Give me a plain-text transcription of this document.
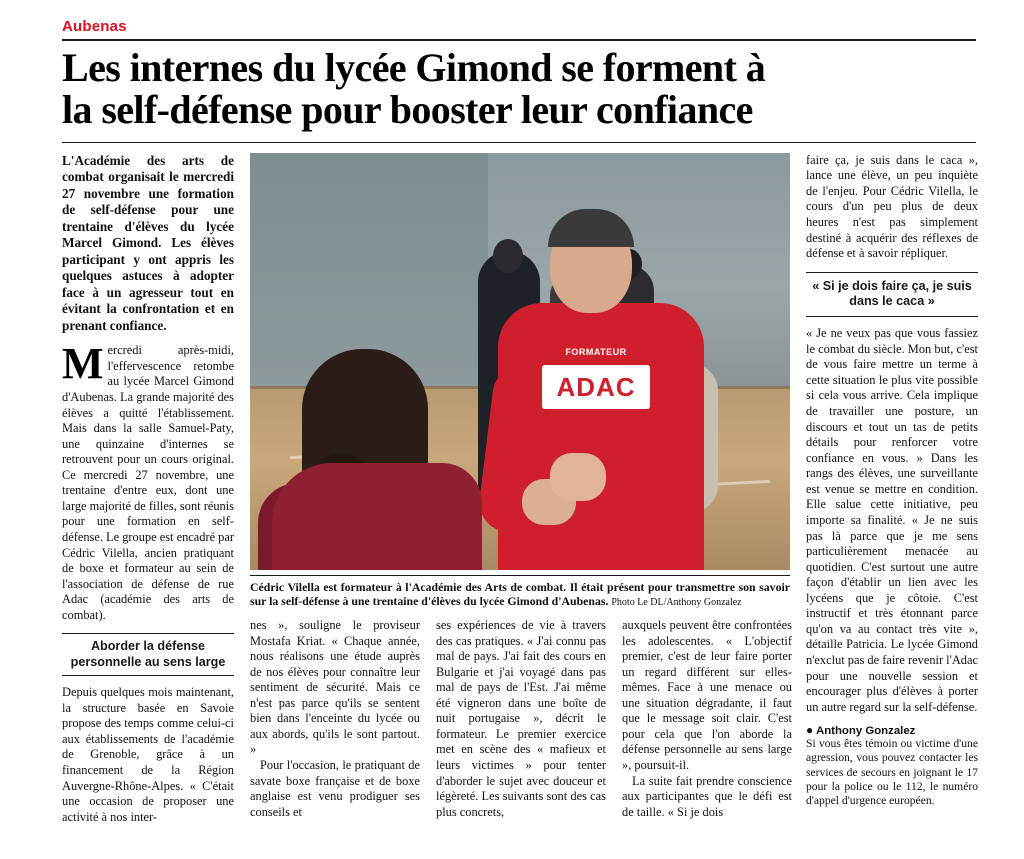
Aubenas
Les internes du lycée Gimond se forment à
la self-défense pour booster leur confiance

L'Académie des arts de combat organisait le mercredi 27 novembre une formation de self-défense pour une trentaine d'élèves du lycée Marcel Gimond. Les élèves participant y ont appris les quelques astuces à adopter face à un agresseur tout en évitant la confrontation et en prenant confiance.

Mercredi après-midi, l'effervescence retombe au lycée Marcel Gimond d'Aubenas. La grande majorité des élèves a quitté l'établissement. Mais dans la salle Samuel-Paty, une quinzaine d'internes se retrouvent pour un cours original. Ce mercredi 27 novembre, une trentaine d'entre eux, dont une large majorité de filles, sont réunis pour une formation en self-défense. Le groupe est encadré par Cédric Vilella, ancien pratiquant de boxe et formateur au sein de l'association de défense de rue Adac (académie des arts de combat).

Aborder la défense personnelle au sens large

Depuis quelques mois maintenant, la structure basée en Savoie propose des temps comme celui-ci aux établissements de l'académie de Grenoble, grâce à un financement de la Région Auvergne-Rhône-Alpes. « C'était une occasion de proposer une activité à nos inter-

FORMATEUR
ADAC
Cédric Vilella est formateur à l'Académie des Arts de combat. Il était présent pour transmettre son savoir sur la self-défense à une trentaine d'élèves du lycée Gimond d'Aubenas. Photo Le DL/Anthony Gonzalez

nes », souligne le proviseur Mostafa Kriat. « Chaque année, nous réalisons une étude auprès de nos élèves pour connaître leur sentiment de sécurité. Mais ce n'est pas parce qu'ils se sentent bien dans l'enceinte du lycée ou aux abords, qu'ils le sont partout. »

Pour l'occasion, le pratiquant de savate boxe française et de boxe anglaise est venu prodiguer ses conseils et

ses expériences de vie à travers des cas pratiques. « J'ai connu pas mal de pays. J'ai fait des cours en Bulgarie et j'ai voyagé dans pas mal de pays de l'Est. J'ai même été vigneron dans une boîte de nuit portugaise », décrit le formateur. Le premier exercice met en scène des « mafieux et leurs victimes » pour tenter d'aborder le sujet avec douceur et légèreté. Les suivants sont des cas plus concrets,

auxquels peuvent être confrontées les adolescentes. « L'objectif premier, c'est de leur faire porter un regard différent sur elles-mêmes. Face à une menace ou une situation dégradante, il faut que le message soit clair. C'est pour cela que l'on aborde la défense personnelle au sens large », poursuit-il.

La suite fait prendre conscience aux participantes que le défi est de taille. « Si je dois

faire ça, je suis dans le caca », lance une élève, un peu inquiète de l'enjeu. Pour Cédric Vilella, le cours d'un peu plus de deux heures n'est pas simplement destiné à acquérir des réflexes de défense et à savoir répliquer.

« Si je dois faire ça, je suis dans le caca »

« Je ne veux pas que vous fassiez le combat du siècle. Mon but, c'est de vous faire mettre un terme à cette situation le plus vite possible si cela vous arrive. Cela implique de travailler une posture, un discours et tout un tas de petits détails pour renforcer votre confiance en vous. » Dans les rangs des élèves, une surveillante est venue se mettre en condition. Elle salue cette initiative, peu importe sa finalité. « Je ne suis pas là parce que je me sens particulièrement menacée au quotidien. C'est surtout une autre façon d'établir un lien avec les lycéens que je côtoie. C'est instructif et très étonnant parce qu'on va au contact très vite », détaille Patricia. Le lycée Gimond n'exclut pas de faire revenir l'Adac pour une nouvelle session et encourager plus d'élèves à porter un autre regard sur la self-défense.

● Anthony Gonzalez

Si vous êtes témoin ou victime d'une agression, vous pouvez contacter les services de secours en joignant le 17 pour la police ou le 112, le numéro d'appel d'urgence européen.
